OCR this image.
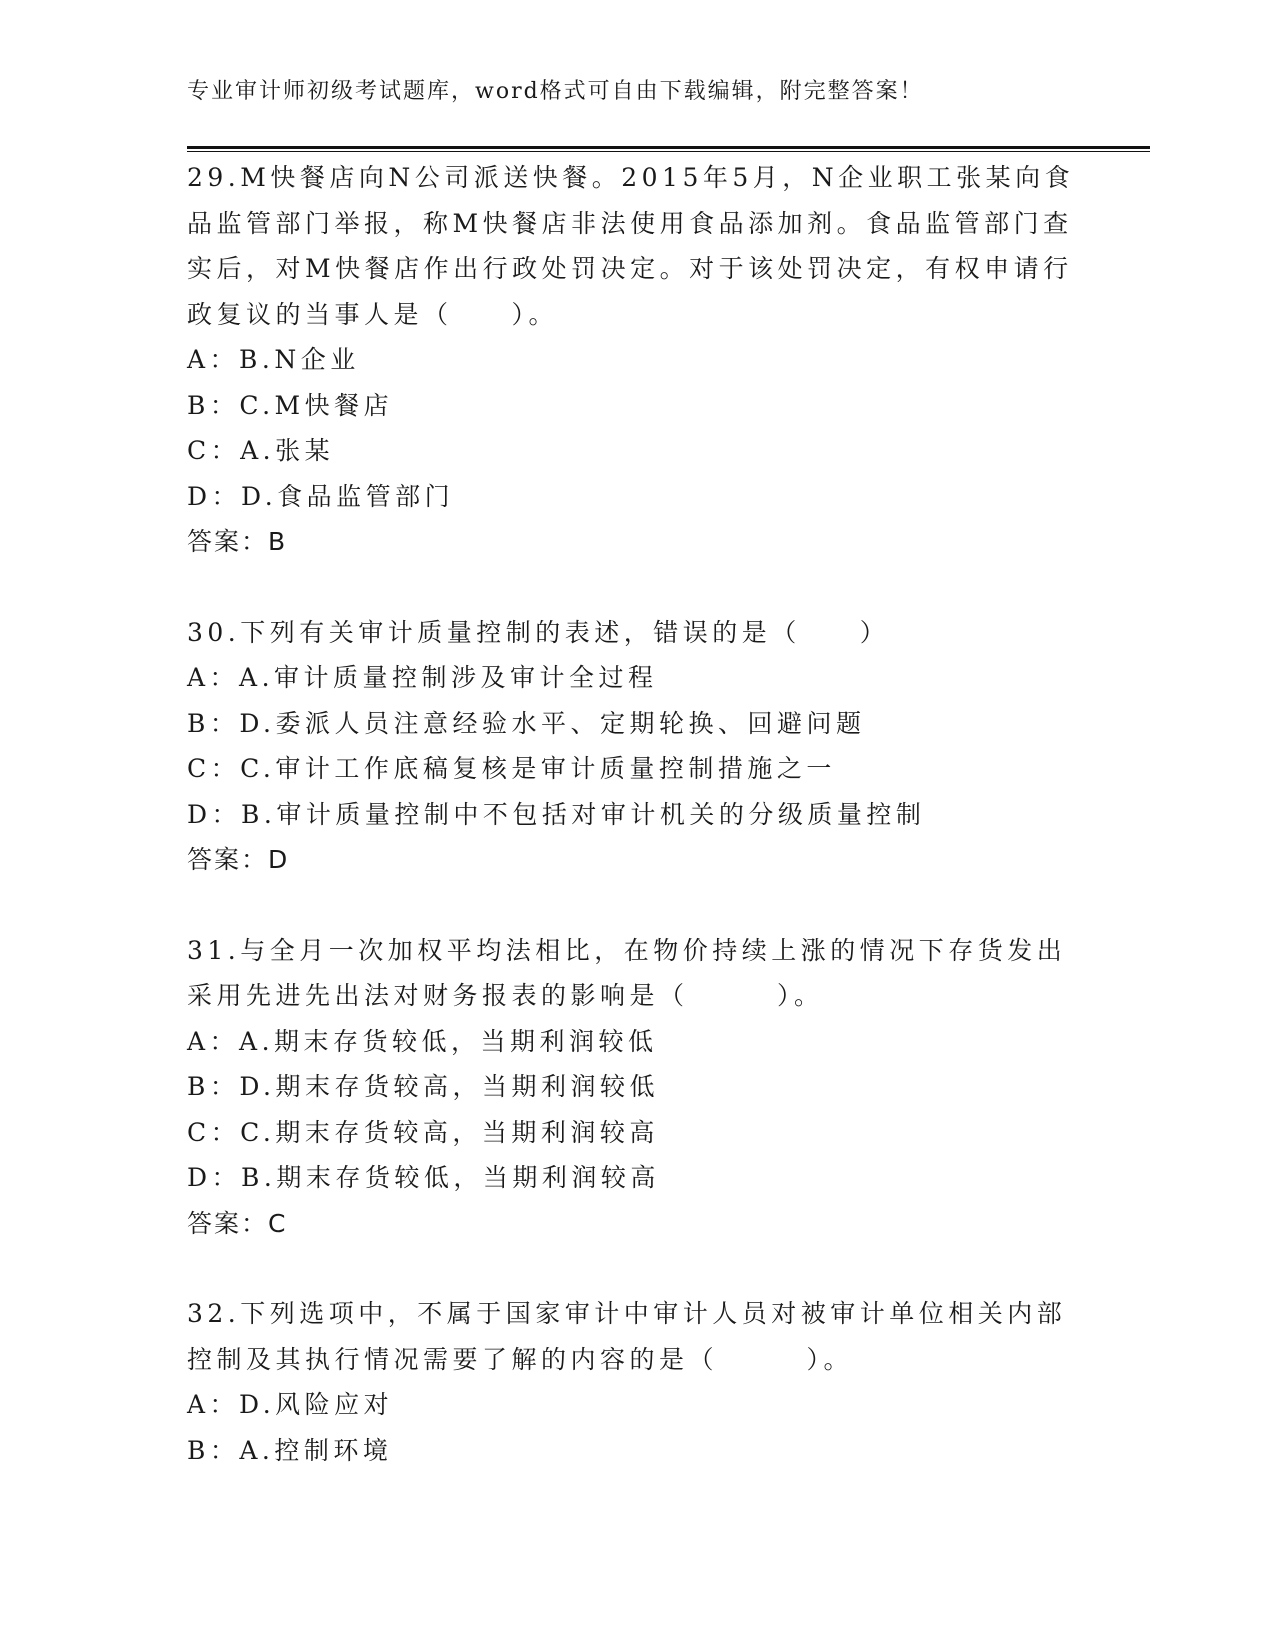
专业审计师初级考试题库，word格式可自由下载编辑，附完整答案！

29.M快餐店向N公司派送快餐。2015年5月，N企业职工张某向食品监管部门举报，称M快餐店非法使用食品添加剂。食品监管部门查实后，对M快餐店作出行政处罚决定。对于该处罚决定，有权申请行政复议的当事人是（　　）。

A：B.N企业
B：C.M快餐店
C：A.张某
D：D.食品监管部门
答案：B

30.下列有关审计质量控制的表述，错误的是（　　）

A：A.审计质量控制涉及审计全过程
B：D.委派人员注意经验水平、定期轮换、回避问题
C：C.审计工作底稿复核是审计质量控制措施之一
D：B.审计质量控制中不包括对审计机关的分级质量控制
答案：D

31.与全月一次加权平均法相比，在物价持续上涨的情况下存货发出采用先进先出法对财务报表的影响是（　　　）。

A：A.期末存货较低，当期利润较低
B：D.期末存货较高，当期利润较低
C：C.期末存货较高，当期利润较高
D：B.期末存货较低，当期利润较高
答案：C

32.下列选项中，不属于国家审计中审计人员对被审计单位相关内部控制及其执行情况需要了解的内容的是（　　　）。

A：D.风险应对
B：A.控制环境
